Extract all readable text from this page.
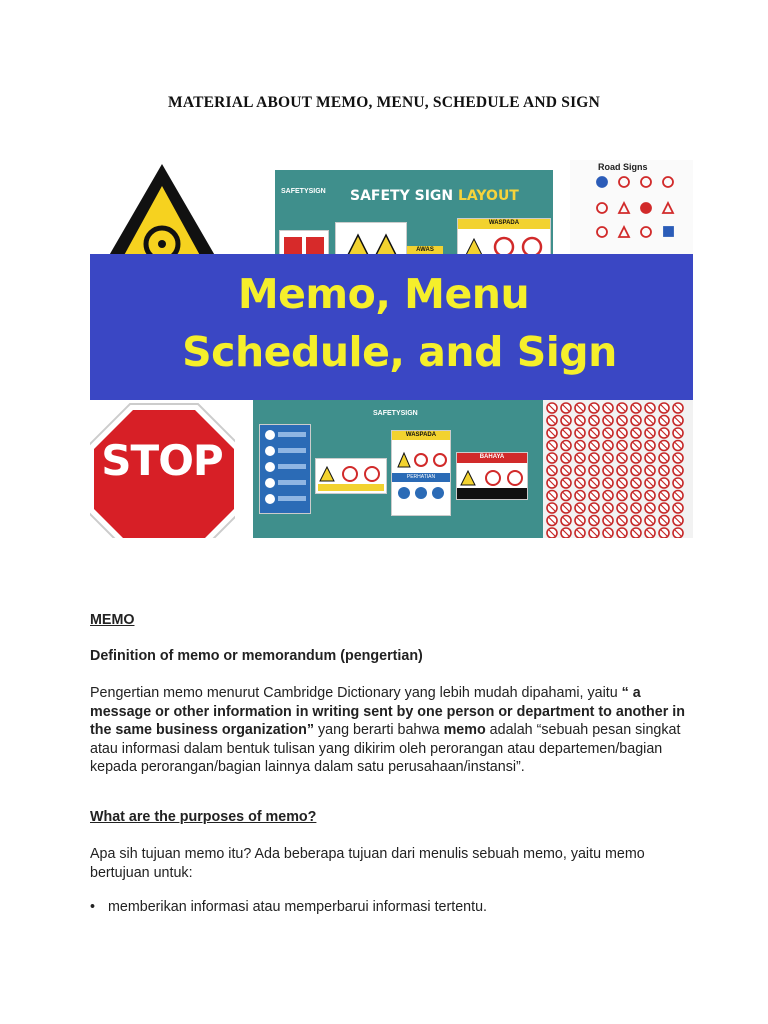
MATERIAL ABOUT MEMO, MENU, SCHEDULE AND SIGN
SAFETYSIGN SAFETY SIGN LAYOUT
AWAS
WASPADA
Road Signs
Memo, Menu
Schedule, and Sign
STOP
SAFETYSIGN
WASPADA
PERHATIAN
BAHAYA
MEMO
Definition of memo or memorandum (pengertian)
Pengertian memo menurut Cambridge Dictionary yang lebih mudah dipahami, yaitu “ a message or other information in writing sent by one person or department to another in the same business organization” yang berarti bahwa memo adalah “sebuah pesan singkat atau informasi dalam bentuk tulisan yang dikirim oleh perorangan atau departemen/bagian kepada perorangan/bagian lainnya dalam satu perusahaan/instansi”.
What are the purposes of memo?
Apa sih tujuan memo itu? Ada beberapa tujuan dari menulis sebuah memo, yaitu memo bertujuan untuk:
• memberikan informasi atau memperbarui informasi tertentu.
